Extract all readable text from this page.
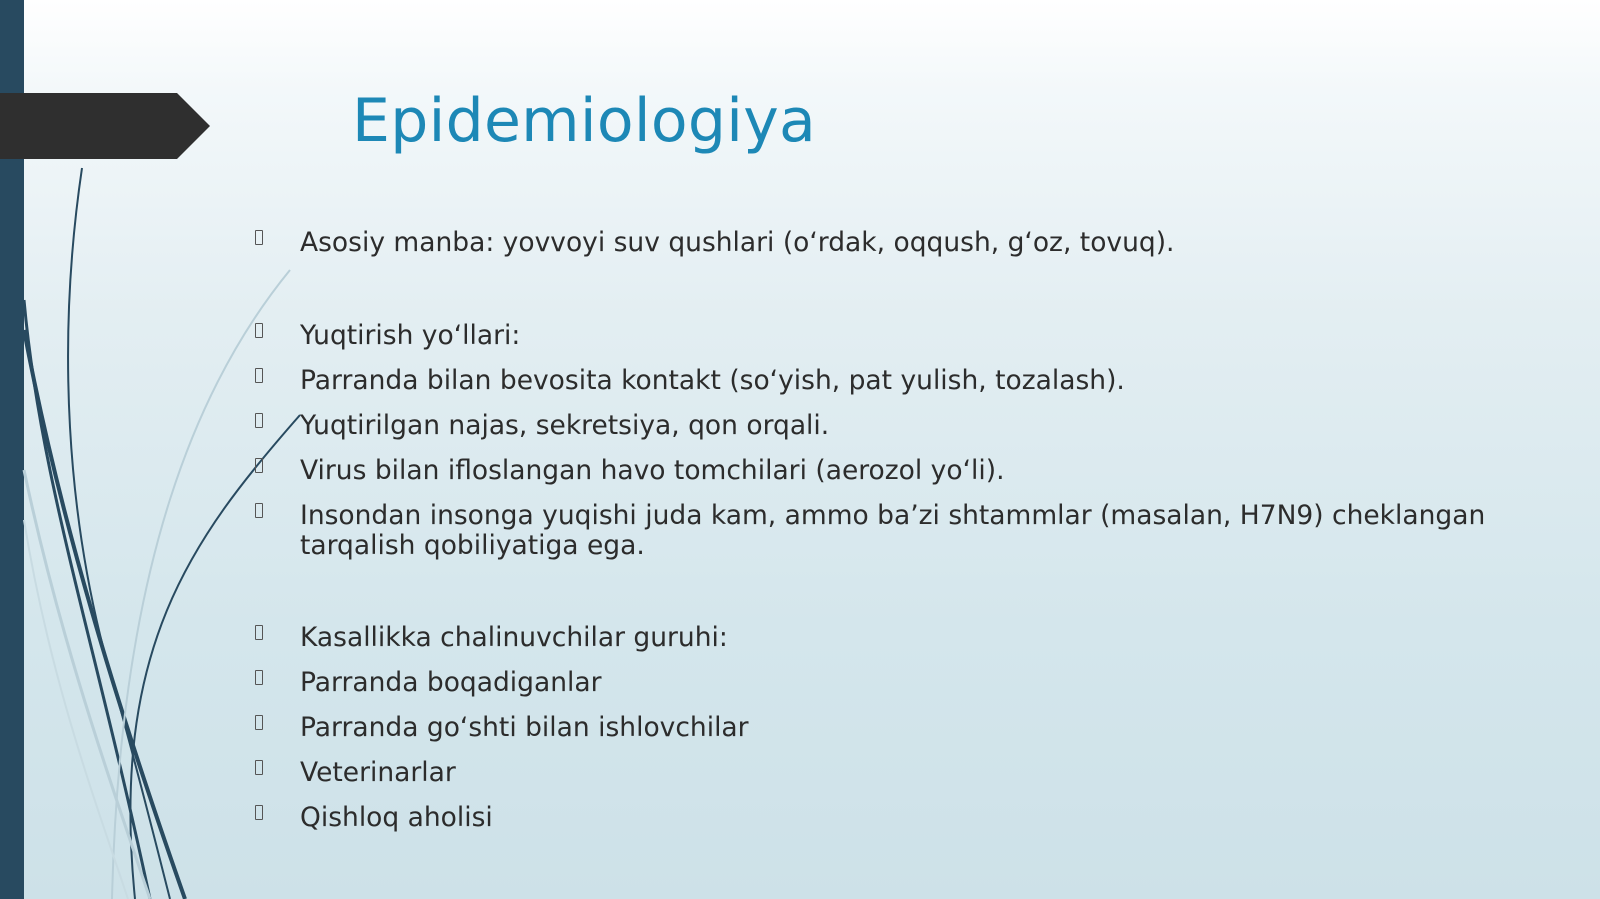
Epidemiologiya
Asosiy manba: yovvoyi suv qushlari (o‘rdak, oqqush, g‘oz, tovuq).
Yuqtirish yo‘llari:
Parranda bilan bevosita kontakt (so‘yish, pat yulish, tozalash).
Yuqtirilgan najas, sekretsiya, qon orqali.
Virus bilan ifloslangan havo tomchilari (aerozol yo‘li).
Insondan insonga yuqishi juda kam, ammo ba’zi shtammlar (masalan, H7N9) cheklangan tarqalish qobiliyatiga ega.
Kasallikka chalinuvchilar guruhi:
Parranda boqadiganlar
Parranda go‘shti bilan ishlovchilar
Veterinarlar
Qishloq aholisi
